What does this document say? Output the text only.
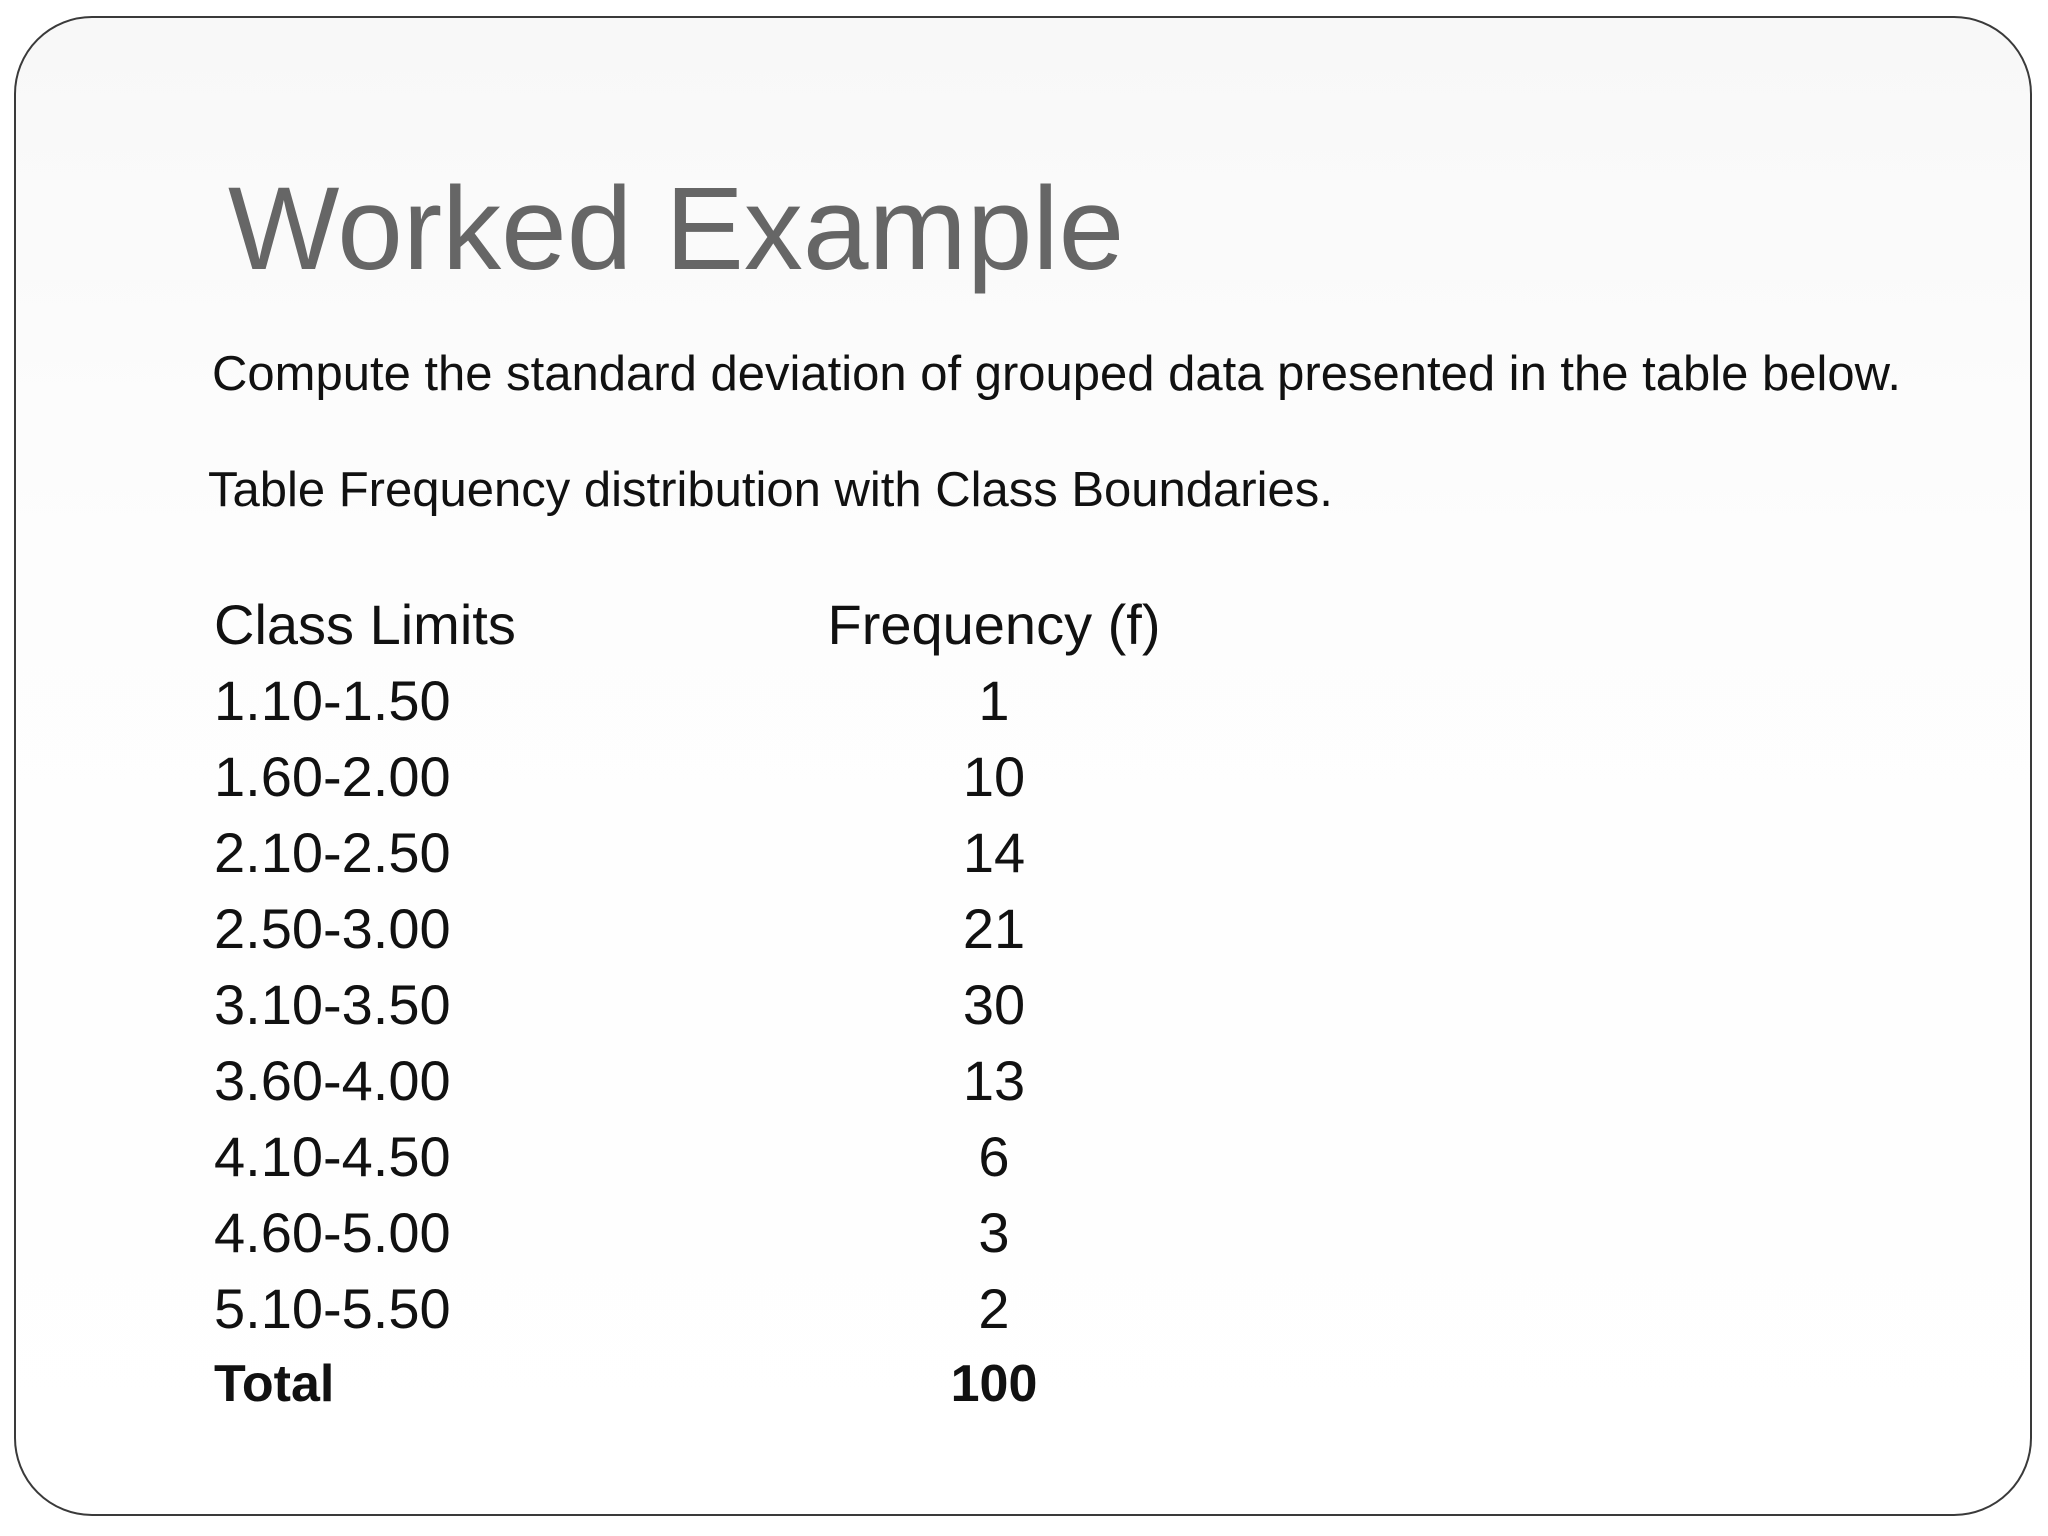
Worked Example
Compute the standard deviation of grouped data presented in the table below.
Table Frequency distribution with Class Boundaries.
Class Limits	Frequency (f)
1.10-1.50	1
1.60-2.00	10
2.10-2.50	14
2.50-3.00	21
3.10-3.50	30
3.60-4.00	13
4.10-4.50	6
4.60-5.00	3
5.10-5.50	2
Total	100
